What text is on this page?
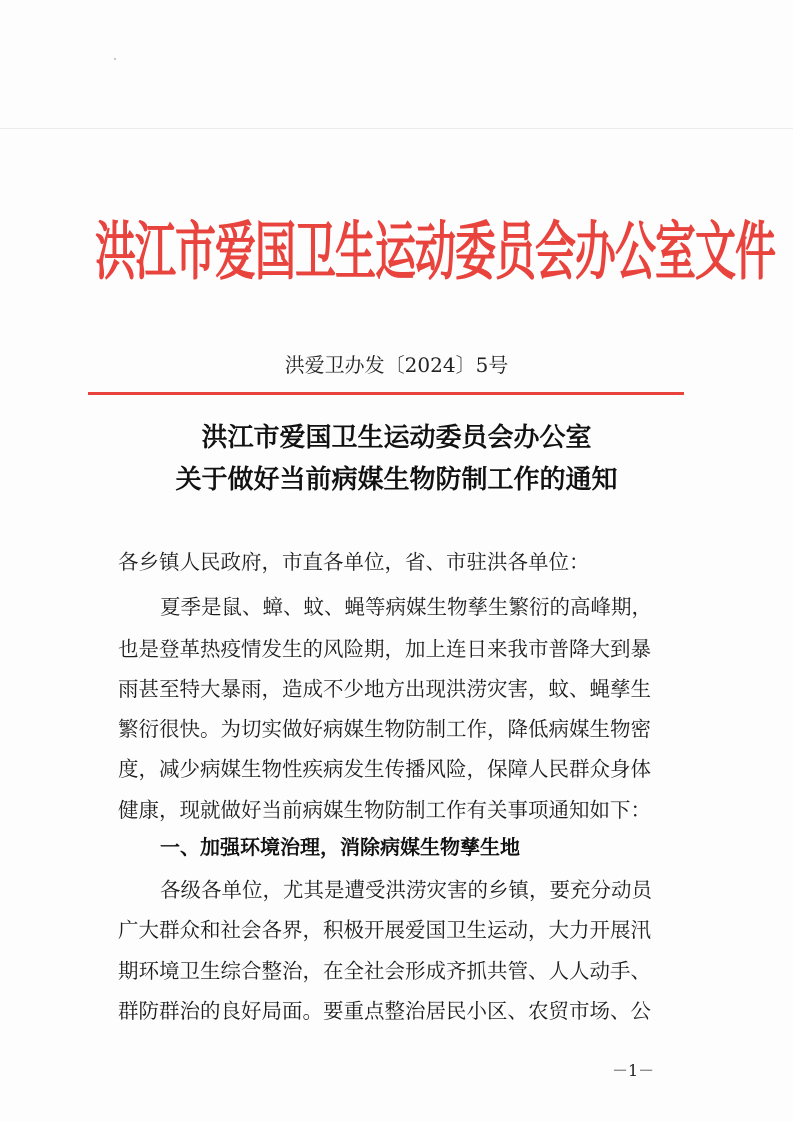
洪江市爱国卫生运动委员会办公室文件
洪爱卫办发〔2024〕5号
洪江市爱国卫生运动委员会办公室
关于做好当前病媒生物防制工作的通知
各乡镇人民政府，市直各单位，省、市驻洪各单位：
夏季是鼠、蟑、蚊、蝇等病媒生物孳生繁衍的高峰期，
也是登革热疫情发生的风险期，加上连日来我市普降大到暴
雨甚至特大暴雨，造成不少地方出现洪涝灾害，蚊、蝇孳生
繁衍很快。为切实做好病媒生物防制工作，降低病媒生物密
度，减少病媒生物性疾病发生传播风险，保障人民群众身体
健康，现就做好当前病媒生物防制工作有关事项通知如下：
一、加强环境治理，消除病媒生物孳生地
各级各单位，尤其是遭受洪涝灾害的乡镇，要充分动员
广大群众和社会各界，积极开展爱国卫生运动，大力开展汛
期环境卫生综合整治，在全社会形成齐抓共管、人人动手、
群防群治的良好局面。要重点整治居民小区、农贸市场、公
－1－
